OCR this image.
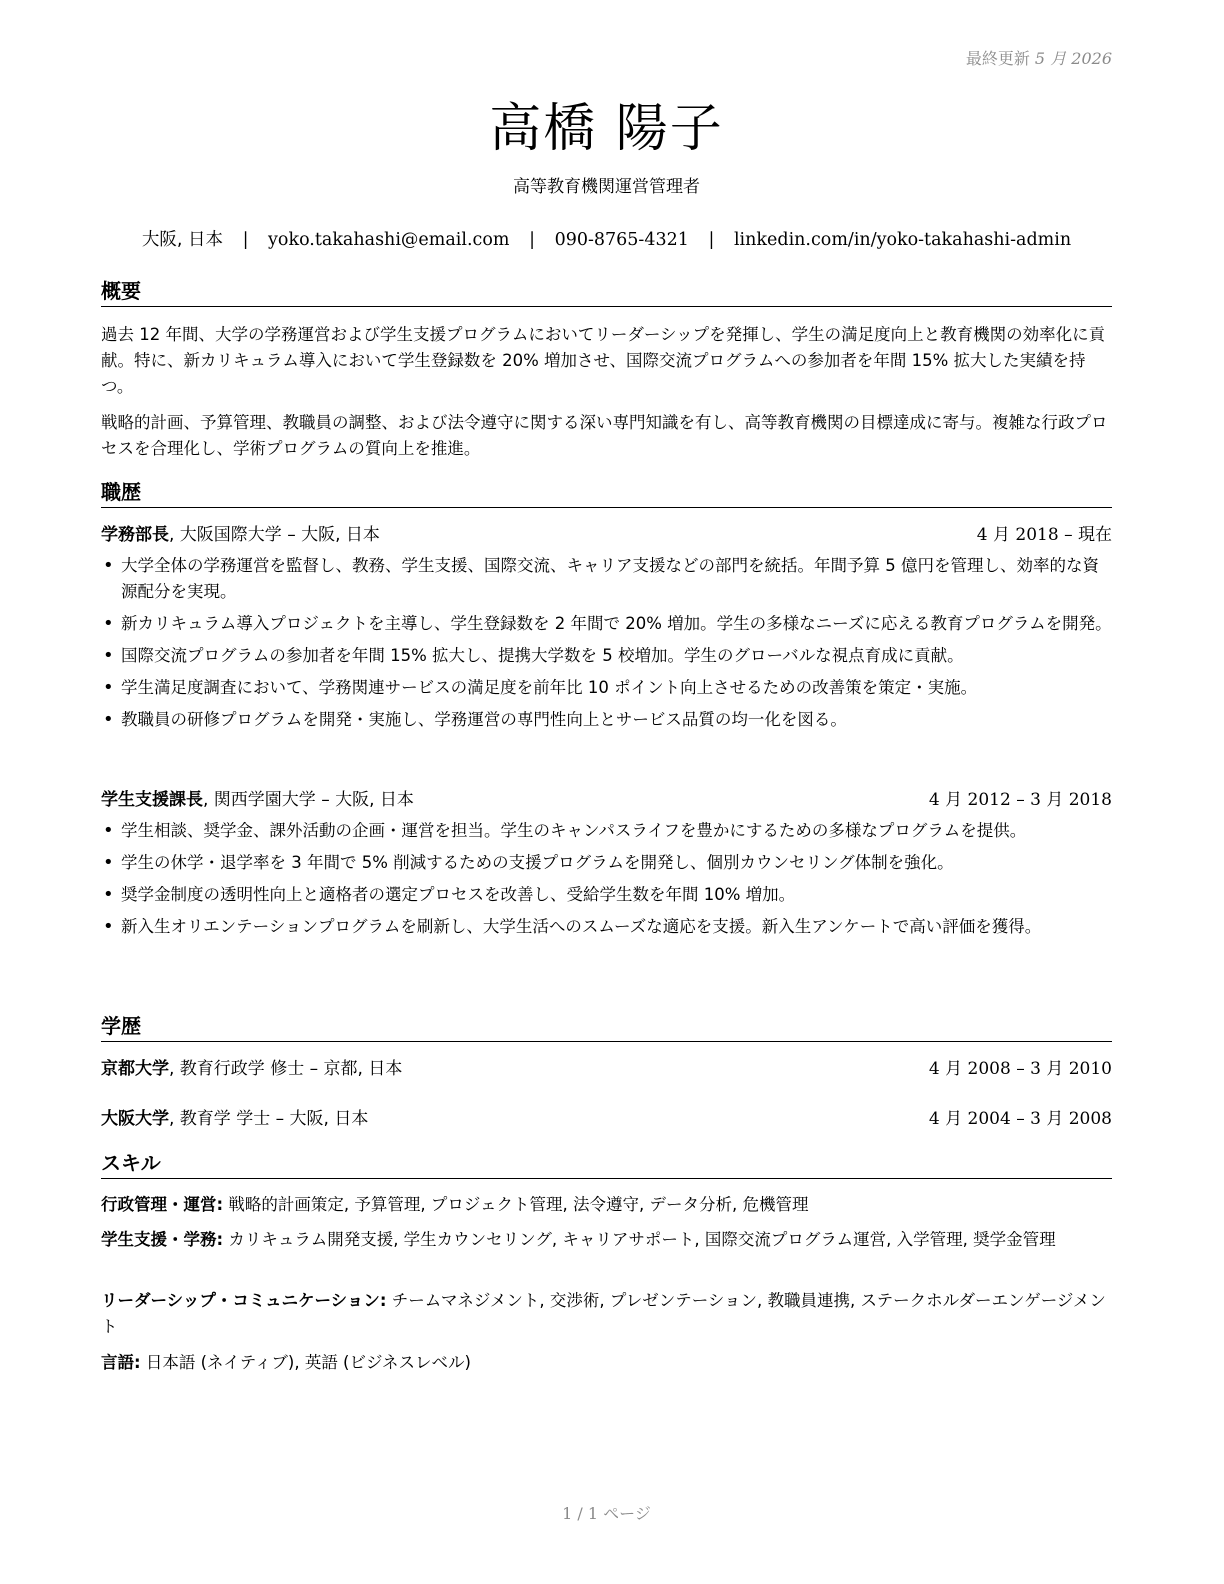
最終更新 5 月 2026
高橋 陽子
高等教育機関運営管理者
大阪, 日本 | yoko.takahashi@email.com | 090-8765-4321 | linkedin.com/in/yoko-takahashi-admin
概要

過去 12 年間、大学の学務運営および学生支援プログラムにおいてリーダーシップを発揮し、学生の満足度向上と教育機関の効率化に貢献。特に、新カリキュラム導入において学生登録数を 20% 増加させ、国際交流プログラムへの参加者を年間 15% 拡大した実績を持つ。

戦略的計画、予算管理、教職員の調整、および法令遵守に関する深い専門知識を有し、高等教育機関の目標達成に寄与。複雑な行政プロセスを合理化し、学術プログラムの質向上を推進。

職歴
学務部長, 大阪国際大学 – 大阪, 日本	4 月 2018 – 現在
• 大学全体の学務運営を監督し、教務、学生支援、国際交流、キャリア支援などの部門を統括。年間予算 5 億円を管理し、効率的な資源配分を実現。
• 新カリキュラム導入プロジェクトを主導し、学生登録数を 2 年間で 20% 増加。学生の多様なニーズに応える教育プログラムを開発。
• 国際交流プログラムの参加者を年間 15% 拡大し、提携大学数を 5 校増加。学生のグローバルな視点育成に貢献。
• 学生満足度調査において、学務関連サービスの満足度を前年比 10 ポイント向上させるための改善策を策定・実施。
• 教職員の研修プログラムを開発・実施し、学務運営の専門性向上とサービス品質の均一化を図る。
学生支援課長, 関西学園大学 – 大阪, 日本	4 月 2012 – 3 月 2018
• 学生相談、奨学金、課外活動の企画・運営を担当。学生のキャンパスライフを豊かにするための多様なプログラムを提供。
• 学生の休学・退学率を 3 年間で 5% 削減するための支援プログラムを開発し、個別カウンセリング体制を強化。
• 奨学金制度の透明性向上と適格者の選定プロセスを改善し、受給学生数を年間 10% 増加。
• 新入生オリエンテーションプログラムを刷新し、大学生活へのスムーズな適応を支援。新入生アンケートで高い評価を獲得。
学歴
京都大学, 教育行政学 修士 – 京都, 日本	4 月 2008 – 3 月 2010
大阪大学, 教育学 学士 – 大阪, 日本	4 月 2004 – 3 月 2008
スキル
行政管理・運営: 戦略的計画策定, 予算管理, プロジェクト管理, 法令遵守, データ分析, 危機管理
学生支援・学務: カリキュラム開発支援, 学生カウンセリング, キャリアサポート, 国際交流プログラム運営, 入学管理, 奨学金管理
リーダーシップ・コミュニケーション: チームマネジメント, 交渉術, プレゼンテーション, 教職員連携, ステークホルダーエンゲージメント
言語: 日本語 (ネイティブ), 英語 (ビジネスレベル)
1 / 1 ページ
